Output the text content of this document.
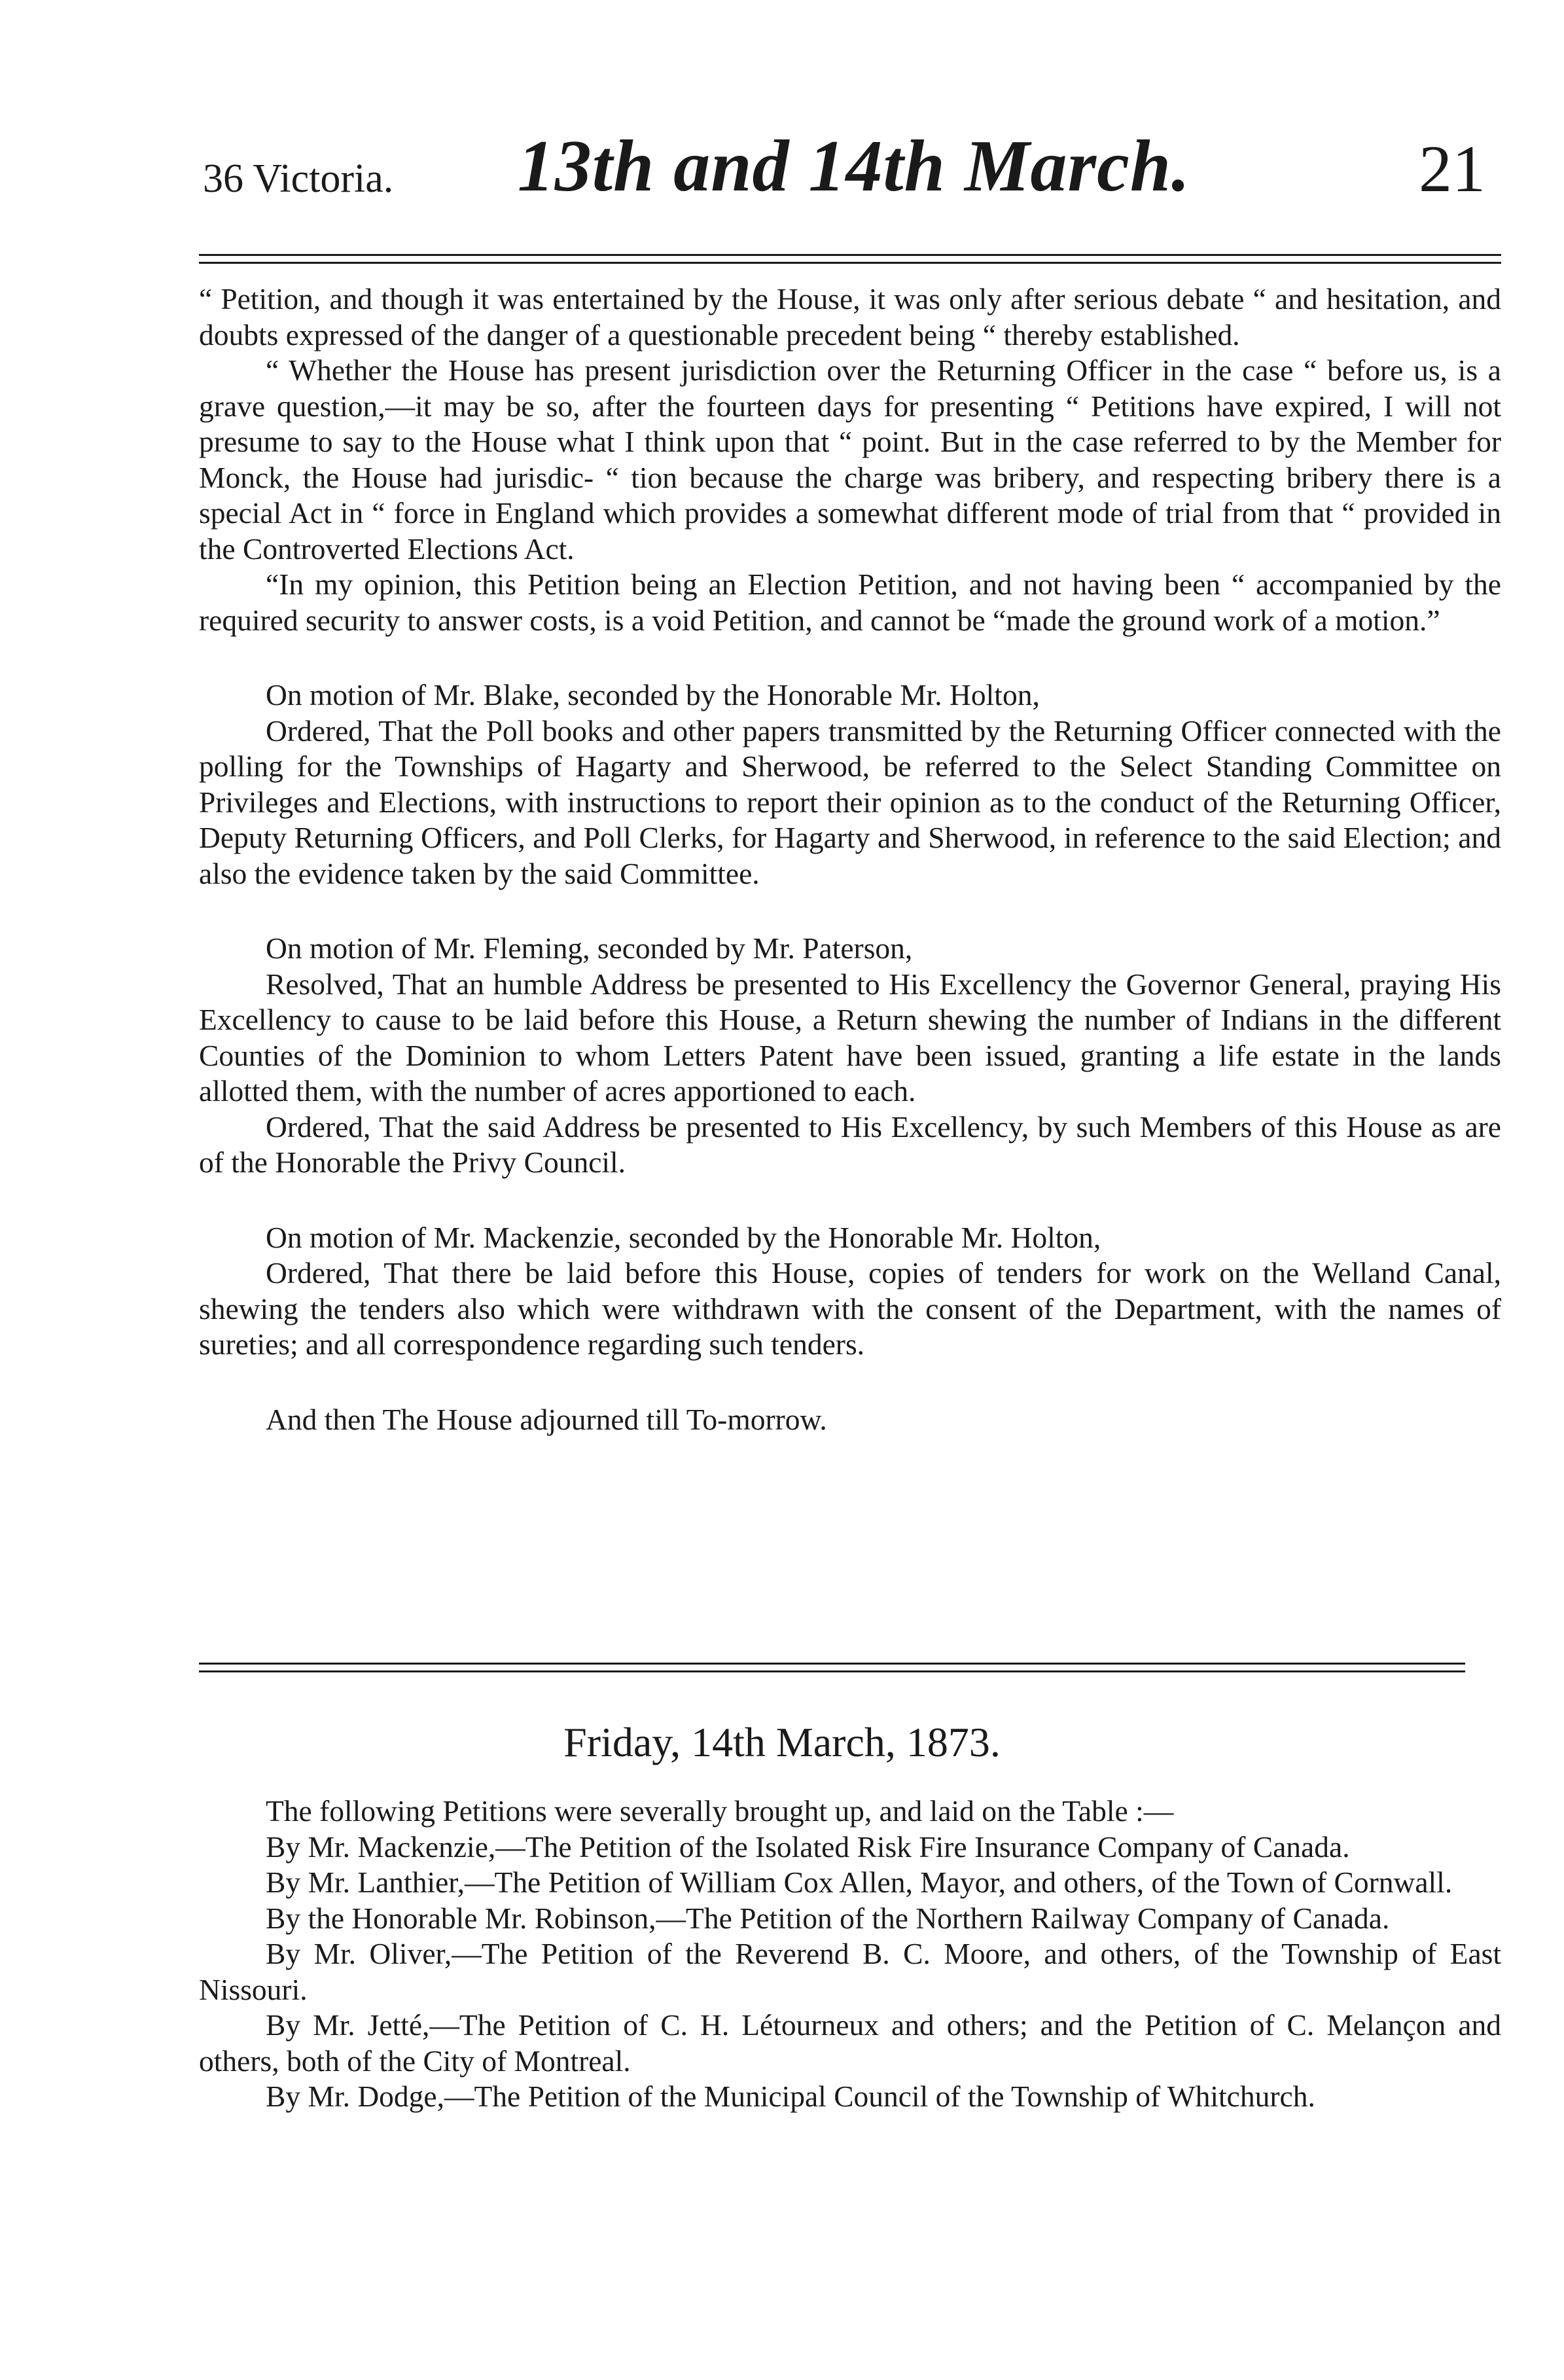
36 Victoria.	13th and 14th March.	21

“ Petition, and though it was entertained by the House, it was only after serious debate “ and hesitation, and doubts expressed of the danger of a questionable precedent being “ thereby established.

“ Whether the House has present jurisdiction over the Returning Officer in the case “ before us, is a grave question,—it may be so, after the fourteen days for presenting “ Petitions have expired, I will not presume to say to the House what I think upon that “ point. But in the case referred to by the Member for Monck, the House had jurisdic- “ tion because the charge was bribery, and respecting bribery there is a special Act in “ force in England which provides a somewhat different mode of trial from that “ provided in the Controverted Elections Act.

“In my opinion, this Petition being an Election Petition, and not having been “ accompanied by the required security to answer costs, is a void Petition, and cannot be “made the ground work of a motion.”

On motion of Mr. Blake, seconded by the Honorable Mr. Holton,

Ordered, That the Poll books and other papers transmitted by the Returning Officer connected with the polling for the Townships of Hagarty and Sherwood, be referred to the Select Standing Committee on Privileges and Elections, with instructions to report their opinion as to the conduct of the Returning Officer, Deputy Returning Officers, and Poll Clerks, for Hagarty and Sherwood, in reference to the said Election; and also the evidence taken by the said Committee.

On motion of Mr. Fleming, seconded by Mr. Paterson,

Resolved, That an humble Address be presented to His Excellency the Governor General, praying His Excellency to cause to be laid before this House, a Return shewing the number of Indians in the different Counties of the Dominion to whom Letters Patent have been issued, granting a life estate in the lands allotted them, with the number of acres apportioned to each.

Ordered, That the said Address be presented to His Excellency, by such Members of this House as are of the Honorable the Privy Council.

On motion of Mr. Mackenzie, seconded by the Honorable Mr. Holton,

Ordered, That there be laid before this House, copies of tenders for work on the Welland Canal, shewing the tenders also which were withdrawn with the consent of the Department, with the names of sureties; and all correspondence regarding such tenders.

And then The House adjourned till To-morrow.

Friday, 14th March, 1873.

The following Petitions were severally brought up, and laid on the Table :—

By Mr. Mackenzie,—The Petition of the Isolated Risk Fire Insurance Company of Canada.

By Mr. Lanthier,—The Petition of William Cox Allen, Mayor, and others, of the Town of Cornwall.

By the Honorable Mr. Robinson,—The Petition of the Northern Railway Company of Canada.

By Mr. Oliver,—The Petition of the Reverend B. C. Moore, and others, of the Township of East Nissouri.

By Mr. Jetté,—The Petition of C. H. Létourneux and others; and the Petition of C. Melançon and others, both of the City of Montreal.

By Mr. Dodge,—The Petition of the Municipal Council of the Township of Whitchurch.
